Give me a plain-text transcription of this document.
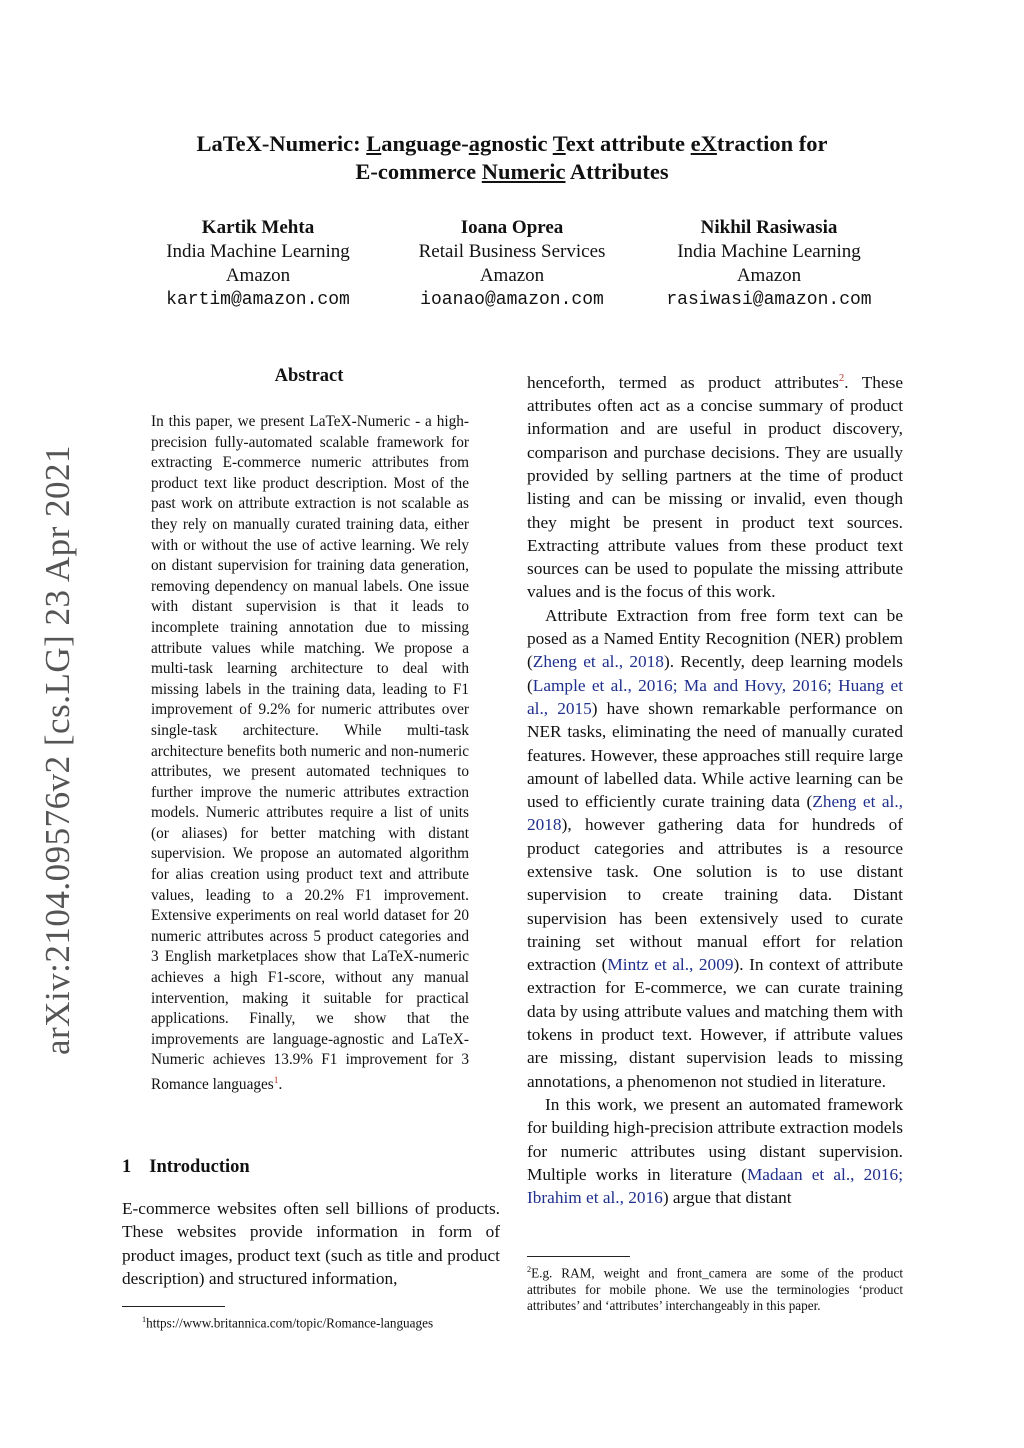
arXiv:2104.09576v2 [cs.LG] 23 Apr 2021
LaTeX-Numeric: Language-agnostic Text attribute eXtraction for
E-commerce Numeric Attributes
Kartik Mehta
India Machine Learning
Amazon
kartim@amazon.com
Ioana Oprea
Retail Business Services
Amazon
ioanao@amazon.com
Nikhil Rasiwasia
India Machine Learning
Amazon
rasiwasi@amazon.com
Abstract
In this paper, we present LaTeX-Numeric - a high-precision fully-automated scalable framework for extracting E-commerce numeric attributes from product text like product description. Most of the past work on attribute extraction is not scalable as they rely on manually curated training data, either with or without the use of active learning. We rely on distant supervision for training data generation, removing dependency on manual labels. One issue with distant supervision is that it leads to incomplete training annotation due to missing attribute values while matching. We propose a multi-task learning architecture to deal with missing labels in the training data, leading to F1 improvement of 9.2% for numeric attributes over single-task architecture. While multi-task architecture benefits both numeric and non-numeric attributes, we present automated techniques to further improve the numeric attributes extraction models. Numeric attributes require a list of units (or aliases) for better matching with distant supervision. We propose an automated algorithm for alias creation using product text and attribute values, leading to a 20.2% F1 improvement. Extensive experiments on real world dataset for 20 numeric attributes across 5 product categories and 3 English marketplaces show that LaTeX-numeric achieves a high F1-score, without any manual intervention, making it suitable for practical applications. Finally, we show that the improvements are language-agnostic and LaTeX-Numeric achieves 13.9% F1 improvement for 3 Romance languages$^1$.
1 Introduction
E-commerce websites often sell billions of products. These websites provide information in form of product images, product text (such as title and product description) and structured information,
$^1$https://www.britannica.com/topic/Romance-languages

henceforth, termed as product attributes$^2$. These attributes often act as a concise summary of product information and are useful in product discovery, comparison and purchase decisions. They are usually provided by selling partners at the time of product listing and can be missing or invalid, even though they might be present in product text sources. Extracting attribute values from these product text sources can be used to populate the missing attribute values and is the focus of this work.

Attribute Extraction from free form text can be posed as a Named Entity Recognition (NER) problem (Zheng et al., 2018). Recently, deep learning models (Lample et al., 2016; Ma and Hovy, 2016; Huang et al., 2015) have shown remarkable performance on NER tasks, eliminating the need of manually curated features. However, these approaches still require large amount of labelled data. While active learning can be used to efficiently curate training data (Zheng et al., 2018), however gathering data for hundreds of product categories and attributes is a resource extensive task. One solution is to use distant supervision to create training data. Distant supervision has been extensively used to curate training set without manual effort for relation extraction (Mintz et al., 2009). In context of attribute extraction for E-commerce, we can curate training data by using attribute values and matching them with tokens in product text. However, if attribute values are missing, distant supervision leads to missing annotations, a phenomenon not studied in literature.

In this work, we present an automated framework for building high-precision attribute extraction models for numeric attributes using distant supervision. Multiple works in literature (Madaan et al., 2016; Ibrahim et al., 2016) argue that distant

$^2$E.g. RAM, weight and front_camera are some of the product attributes for mobile phone. We use the terminologies ‘product attributes’ and ‘attributes’ interchangeably in this paper.
